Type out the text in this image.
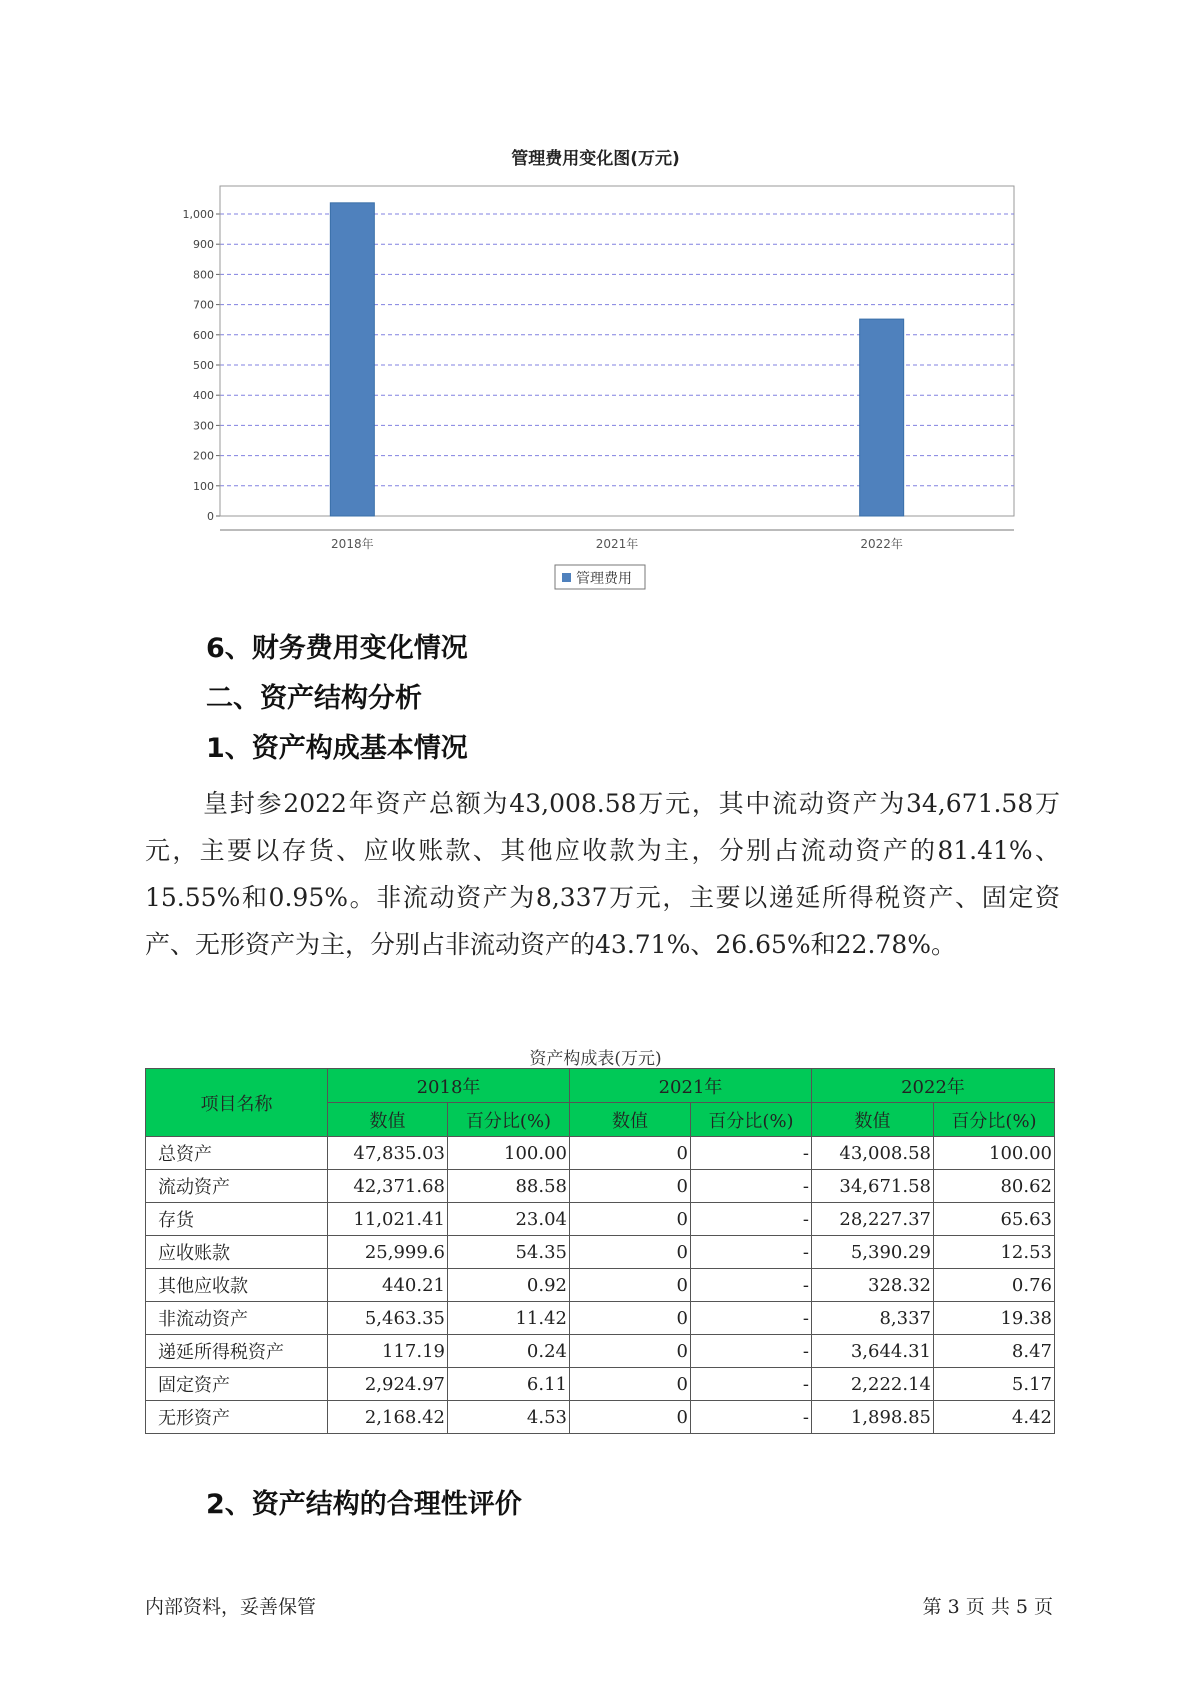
管理费用变化图(万元)
0
100
200
300
400
500
600
700
800
900
1,000
2018年	2021年	2022年
管理费用
6、财务费用变化情况
二、资产结构分析
1、资产构成基本情况
皇封参2022年资产总额为43,008.58万元，其中流动资产为34,671.58万元，主要以存货、应收账款、其他应收款为主，分别占流动资产的81.41%、15.55%和0.95%。非流动资产为8,337万元，主要以递延所得税资产、固定资产、无形资产为主，分别占非流动资产的43.71%、26.65%和22.78%。
资产构成表(万元)
项目名称	2018年		2021年		2022年	
	数值	百分比(%)	数值	百分比(%)	数值	百分比(%)
总资产	47,835.03	100.00	0	-	43,008.58	100.00
流动资产	42,371.68	88.58	0	-	34,671.58	80.62
存货	11,021.41	23.04	0	-	28,227.37	65.63
应收账款	25,999.6	54.35	0	-	5,390.29	12.53
其他应收款	440.21	0.92	0	-	328.32	0.76
非流动资产	5,463.35	11.42	0	-	8,337	19.38
递延所得税资产	117.19	0.24	0	-	3,644.31	8.47
固定资产	2,924.97	6.11	0	-	2,222.14	5.17
无形资产	2,168.42	4.53	0	-	1,898.85	4.42
2、资产结构的合理性评价
内部资料，妥善保管	第 3 页 共 5 页
